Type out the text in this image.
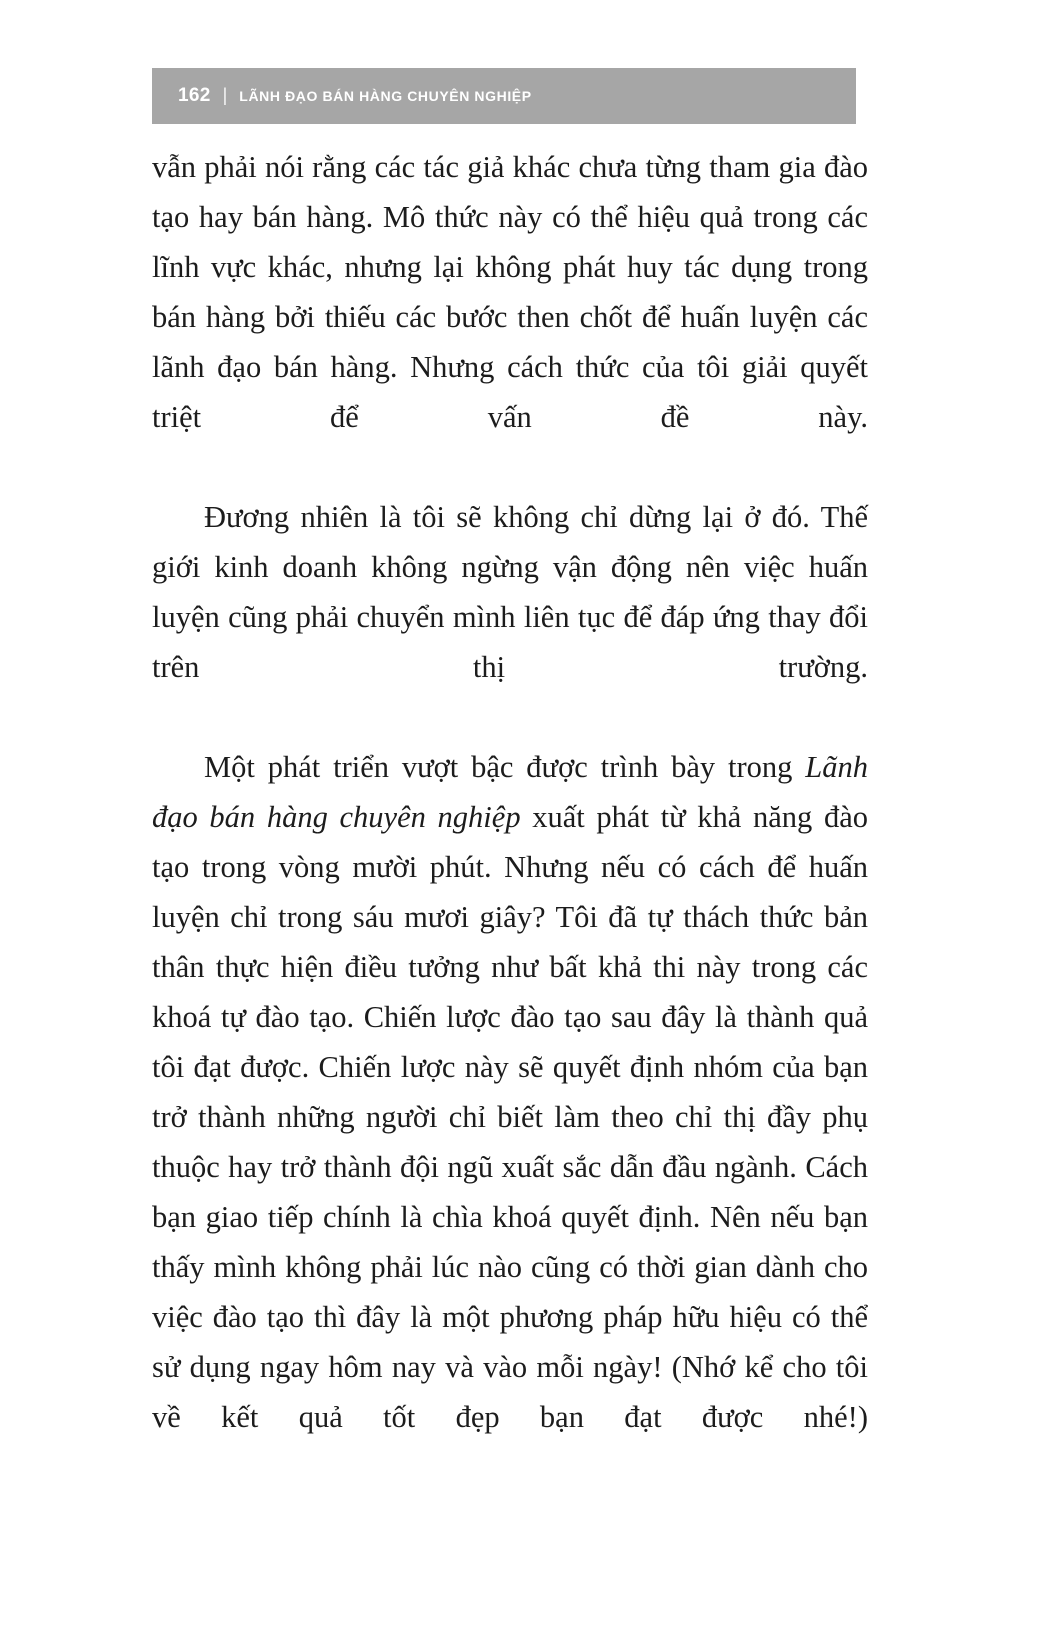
162 | LÃNH ĐẠO BÁN HÀNG CHUYÊN NGHIỆP

vẫn phải nói rằng các tác giả khác chưa từng tham gia đào tạo hay bán hàng. Mô thức này có thể hiệu quả trong các lĩnh vực khác, nhưng lại không phát huy tác dụng trong bán hàng bởi thiếu các bước then chốt để huấn luyện các lãnh đạo bán hàng. Nhưng cách thức của tôi giải quyết triệt để vấn đề này.

Đương nhiên là tôi sẽ không chỉ dừng lại ở đó. Thế giới kinh doanh không ngừng vận động nên việc huấn luyện cũng phải chuyển mình liên tục để đáp ứng thay đổi trên thị trường.

Một phát triển vượt bậc được trình bày trong Lãnh đạo bán hàng chuyên nghiệp xuất phát từ khả năng đào tạo trong vòng mười phút. Nhưng nếu có cách để huấn luyện chỉ trong sáu mươi giây? Tôi đã tự thách thức bản thân thực hiện điều tưởng như bất khả thi này trong các khoá tự đào tạo. Chiến lược đào tạo sau đây là thành quả tôi đạt được. Chiến lược này sẽ quyết định nhóm của bạn trở thành những người chỉ biết làm theo chỉ thị đầy phụ thuộc hay trở thành đội ngũ xuất sắc dẫn đầu ngành. Cách bạn giao tiếp chính là chìa khoá quyết định. Nên nếu bạn thấy mình không phải lúc nào cũng có thời gian dành cho việc đào tạo thì đây là một phương pháp hữu hiệu có thể sử dụng ngay hôm nay và vào mỗi ngày! (Nhớ kể cho tôi về kết quả tốt đẹp bạn đạt được nhé!)
